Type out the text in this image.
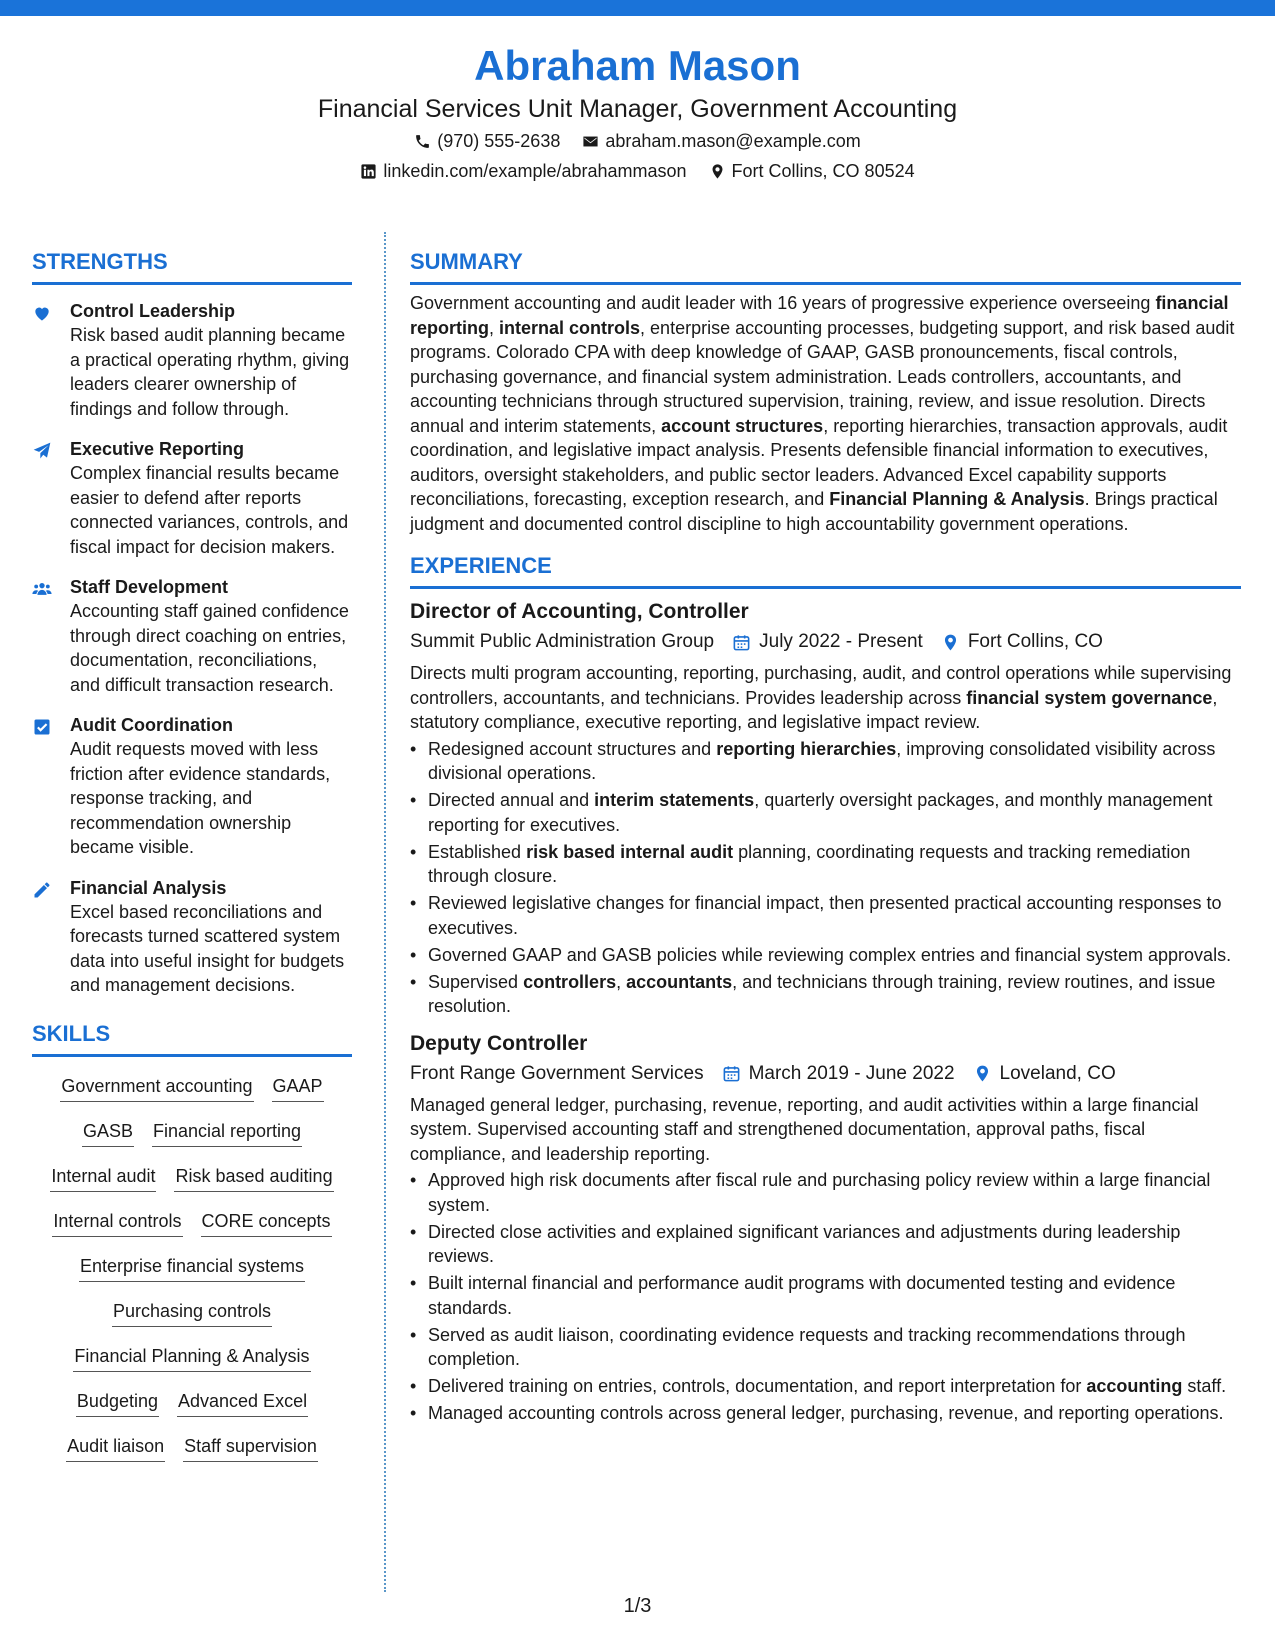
Abraham Mason
Financial Services Unit Manager, Government Accounting
(970) 555-2638	abraham.mason@example.com
linkedin.com/example/abrahammason	Fort Collins, CO 80524
STRENGTHS
Control Leadership
Risk based audit planning became a practical operating rhythm, giving leaders clearer ownership of findings and follow through.
Executive Reporting
Complex financial results became easier to defend after reports connected variances, controls, and fiscal impact for decision makers.
Staff Development
Accounting staff gained confidence through direct coaching on entries, documentation, reconciliations, and difficult transaction research.
Audit Coordination
Audit requests moved with less friction after evidence standards, response tracking, and recommendation ownership became visible.
Financial Analysis
Excel based reconciliations and forecasts turned scattered system data into useful insight for budgets and management decisions.
SKILLS
Government accounting GAAP
GASB Financial reporting
Internal audit Risk based auditing
Internal controls CORE concepts
Enterprise financial systems
Purchasing controls
Financial Planning & Analysis
Budgeting Advanced Excel
Audit liaison Staff supervision
SUMMARY
Government accounting and audit leader with 16 years of progressive experience overseeing financial reporting, internal controls, enterprise accounting processes, budgeting support, and risk based audit programs. Colorado CPA with deep knowledge of GAAP, GASB pronouncements, fiscal controls, purchasing governance, and financial system administration. Leads controllers, accountants, and accounting technicians through structured supervision, training, review, and issue resolution. Directs annual and interim statements, account structures, reporting hierarchies, transaction approvals, audit coordination, and legislative impact analysis. Presents defensible financial information to executives, auditors, oversight stakeholders, and public sector leaders. Advanced Excel capability supports reconciliations, forecasting, exception research, and Financial Planning & Analysis. Brings practical judgment and documented control discipline to high accountability government operations.
EXPERIENCE
Director of Accounting, Controller
Summit Public Administration Group July 2022 - Present Fort Collins, CO
Directs multi program accounting, reporting, purchasing, audit, and control operations while supervising controllers, accountants, and technicians. Provides leadership across financial system governance, statutory compliance, executive reporting, and legislative impact review.
• Redesigned account structures and reporting hierarchies, improving consolidated visibility across divisional operations.
• Directed annual and interim statements, quarterly oversight packages, and monthly management reporting for executives.
• Established risk based internal audit planning, coordinating requests and tracking remediation through closure.
• Reviewed legislative changes for financial impact, then presented practical accounting responses to executives.
• Governed GAAP and GASB policies while reviewing complex entries and financial system approvals.
• Supervised controllers, accountants, and technicians through training, review routines, and issue resolution.
Deputy Controller
Front Range Government Services March 2019 - June 2022 Loveland, CO
Managed general ledger, purchasing, revenue, reporting, and audit activities within a large financial system. Supervised accounting staff and strengthened documentation, approval paths, fiscal compliance, and leadership reporting.
• Approved high risk documents after fiscal rule and purchasing policy review within a large financial system.
• Directed close activities and explained significant variances and adjustments during leadership reviews.
• Built internal financial and performance audit programs with documented testing and evidence standards.
• Served as audit liaison, coordinating evidence requests and tracking recommendations through completion.
• Delivered training on entries, controls, documentation, and report interpretation for accounting staff.
• Managed accounting controls across general ledger, purchasing, revenue, and reporting operations.
1/3
